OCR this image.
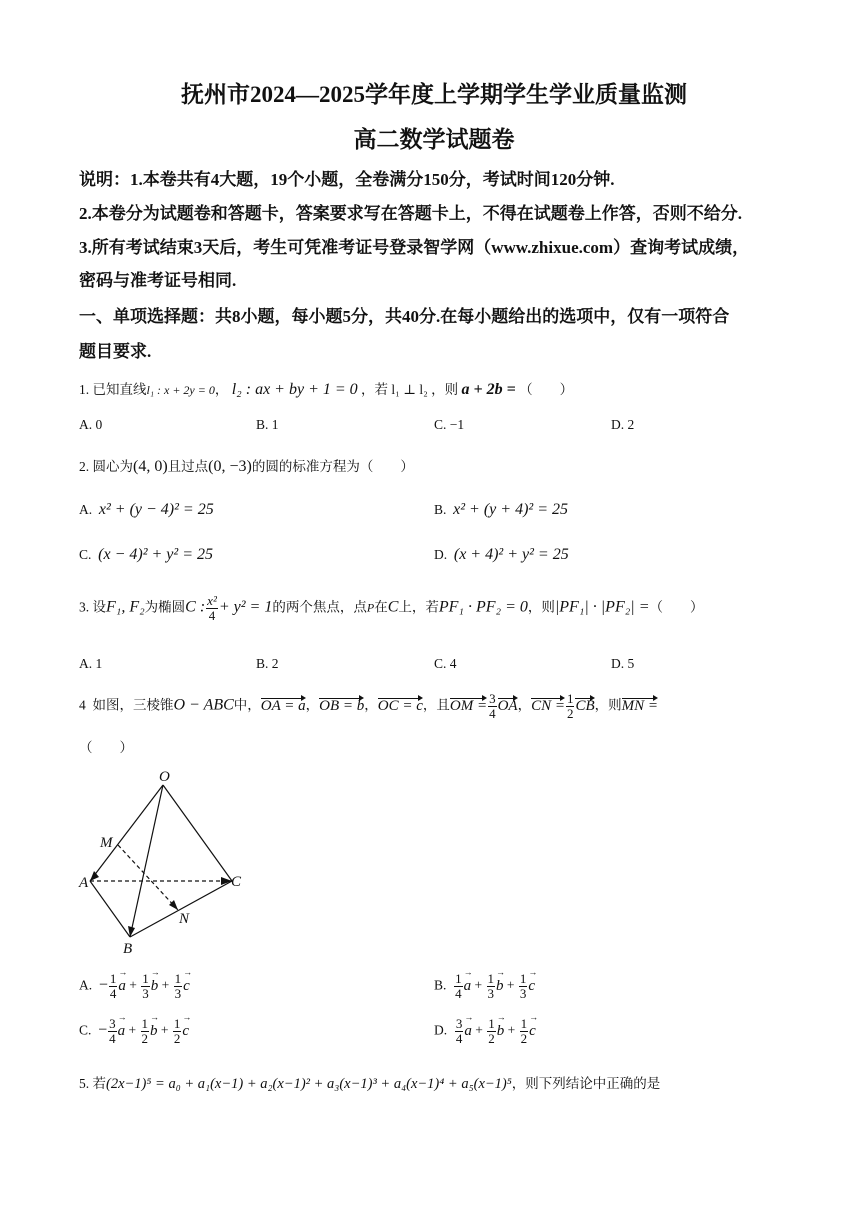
抚州市2024—2025学年度上学期学生学业质量监测
高二数学试题卷
说明：1.本卷共有4大题，19个小题，全卷满分150分，考试时间120分钟.
2.本卷分为试题卷和答题卡，答案要求写在答题卡上，不得在试题卷上作答，否则不给分.
3.所有考试结束3天后，考生可凭准考证号登录智学网（www.zhixue.com）查询考试成绩，
密码与准考证号相同.
一、单项选择题：共8小题，每小题5分，共40分.在每小题给出的选项中，仅有一项符合
题目要求.
1. 已知直线l₁ : x + 2y = 0， l₂ : ax + by + 1 = 0 ，若 l₁ ⊥ l₂ ，则 a + 2b = （　　）
A. 0	B. 1	C. −1	D. 2
2. 圆心为(4, 0)且过点(0, −3)的圆的标准方程为（　　）
A. x² + (y − 4)² = 25	B. x² + (y + 4)² = 25
C. (x − 4)² + y² = 25	D. (x + 4)² + y² = 25
3. 设F₁, F₂为椭圆C : $\frac{\text{x²}}{4} + y^2 = 1$的两个焦点，点P在C上，若PF₁ · PF₂ = 0，则|PF₁| · |PF₂| =（　　）
A. 1	B. 2	C. 4	D. 5
4 如图，三棱锥O − ABC中，OA = a，OB = b，OC = c，且OM = $\frac{3}{4}$ OA，CN = $\frac{1}{2}$ CB，则MN =
（　　）
O
M
A	C
N
B
A. − $\frac{1}{4}$ a → + $\frac{1}{3}$ b → + $\frac{1}{3}$ c →	B. $\frac{1}{4}$ a → + $\frac{1}{3}$ b → + $\frac{1}{3}$ c →
C. − $\frac{3}{4}$ a → + $\frac{1}{2}$ b → + $\frac{1}{2}$ c →	D. $\frac{3}{4}$ a → + $\frac{1}{2}$ b → + $\frac{1}{2}$ c →
5. 若(2x−1)⁵ = a₀ + a₁(x−1) + a₂(x−1)² + a₃(x−1)³ + a₄(x−1)⁴ + a₅(x−1)⁵，则下列结论中正确的是
